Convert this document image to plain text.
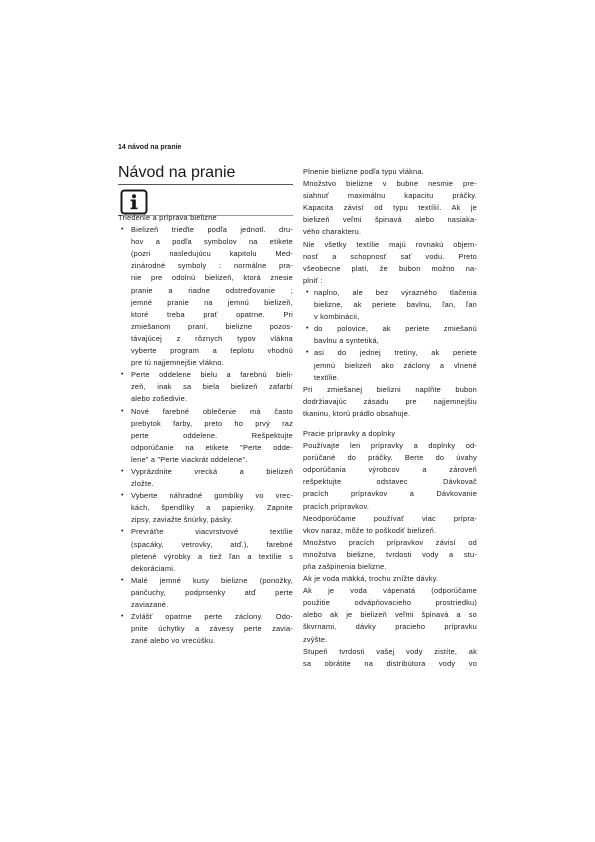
14 návod na pranie
Návod na pranie
Triedenie a príprava bielizne
• Bielizeň trieďte podľa jednotl. dru-
hov a podľa symbolov na etikete
(pozri nasledujúcu kapitolu Med-
zinárodné symboly : normálne pra-
nie pre odolnú bielizeň, ktorá znesie
pranie a riadne odstreďovanie ;
jemné pranie na jemnú bielizeň,
ktoré treba prať opatrne. Pri
zmiešanom praní, bielizne pozos-
távajúcej z rôznych typov vlákna
vyberte program a teplotu vhodnú
pre tú najjemnejšie vlákno.
• Perte oddelene bielu a farebnú bieli-
zeň, inak sa biela bielizeň zafarbí
alebo zošedivie.
• Nové farebné oblečenie má často
prebytok farby, preto ho prvý raz
perte oddelene. Rešpektujte
odporúčanie na etikete "Perte odde-
lene" a "Perte viackrát oddelene".
• Vyprázdnite vrecká a bielizeň
zložte.
• Vyberte náhradné gombíky vo vrec-
kách, špendlíky a papieriky. Zapnite
zipsy, zaviažte šnúrky, pásky.
• Prevráťte viacvrstvové textílie
(spacáky, vetrovky, atď.), farebné
pletené výrobky a tiež ľan a textílie s
dekoráciami.
• Malé jemné kusy bielizne (ponožky,
pančuchy, podprsenky atď perte
zaviazané.
• Zvlášť opatrne perte záclony. Odo-
pnite úchytky a závesy perte zavia-
zané alebo vo vrecúšku.
Plnenie bielizne podľa typu vlákna.
Množstvo bielizne v bubne nesmie pre-
siahnuť maximálnu kapacitu práčky.
Kapacita závisí od typu textílií. Ak je
bielizeň veľmi špinavá alebo nasiaka-
vého charakteru.
Nie všetky textílie majú rovnakú objem-
nosť a schopnosť sať vodu. Preto
všeobecne platí, že bubon možno na-
plniť :
• naplno, ale bez výrazného tlačenia
bielizne, ak periete bavlnu, ľan, ľan
v kombinácii,
• do polovice, ak periete zmiešanú
bavlnu a syntetiká,
• asi do jednej tretiny, ak periete
jemnú bielizeň ako záclony a vlnené
textílie.
Pri zmiešanej bielizni naplňte bubon
dodržiavajúc zásadu pre najjemnejšiu
tkaninu, ktorú prádlo obsahuje.
Pracie prípravky a doplnky
Používajte len prípravky a doplnky od-
porúčané do práčky. Berte do úvahy
odporúčania výrobcov a zároveň
rešpektujte odstavec Dávkovač
pracích prípravkov a Dávkovanie
pracích prípravkov.
Neodporúčame používať viac prípra-
vkov naraz, môže to poškodiť bielizeň.
Množstvo pracích prípravkov závisí od
množstva bielizne, tvrdosti vody a stu-
pňa zašpinenia bielizne.
Ak je voda mäkká, trochu znížte dávky.
Ak je voda vápenatá (odporúčame
použitie odvápňovacieho prostriedku)
alebo ak je bielizeň veľmi špinavá a so
škvrnami, dávky pracieho prípravku
zvýšte.
Stupeň tvrdosti vašej vody zistíte, ak
sa obrátite na distribútora vody vo
